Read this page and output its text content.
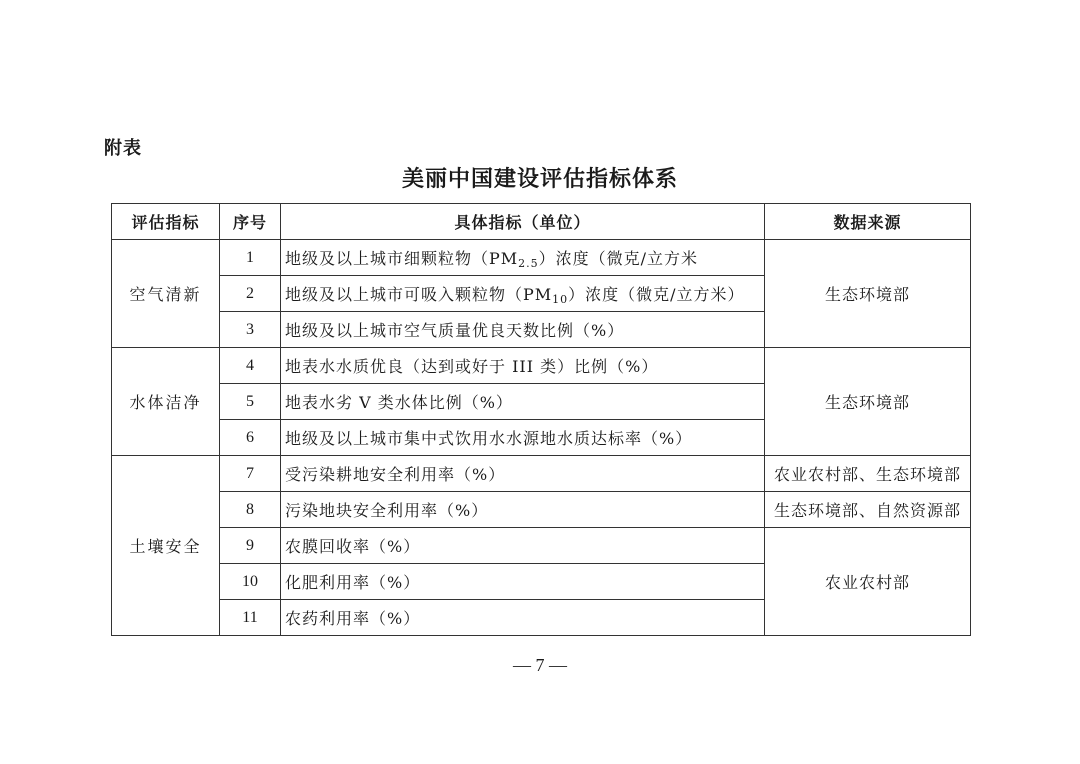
附表
美丽中国建设评估指标体系
评估指标	序号	具体指标（单位）	数据来源
空气清新	1	地级及以上城市细颗粒物$(PM_{2.5})$浓度（微克/立方米	生态环境部
	2	地级及以上城市可吸入颗粒物$(PM_{10})$浓度（微克/立方米）	
	3	地级及以上城市空气质量优良天数比例（%）	
水体洁净	4	地表水水质优良（达到或好于 III 类）比例（%）	生态环境部
	5	地表水劣 V 类水体比例（%）	
	6	地级及以上城市集中式饮用水水源地水质达标率（%）	
土壤安全	7	受污染耕地安全利用率（%）	农业农村部、生态环境部
	8	污染地块安全利用率（%）	生态环境部、自然资源部
	9	农膜回收率（%）	农业农村部
	10	化肥利用率（%）	
	11	农药利用率（%）	
— 7 —
